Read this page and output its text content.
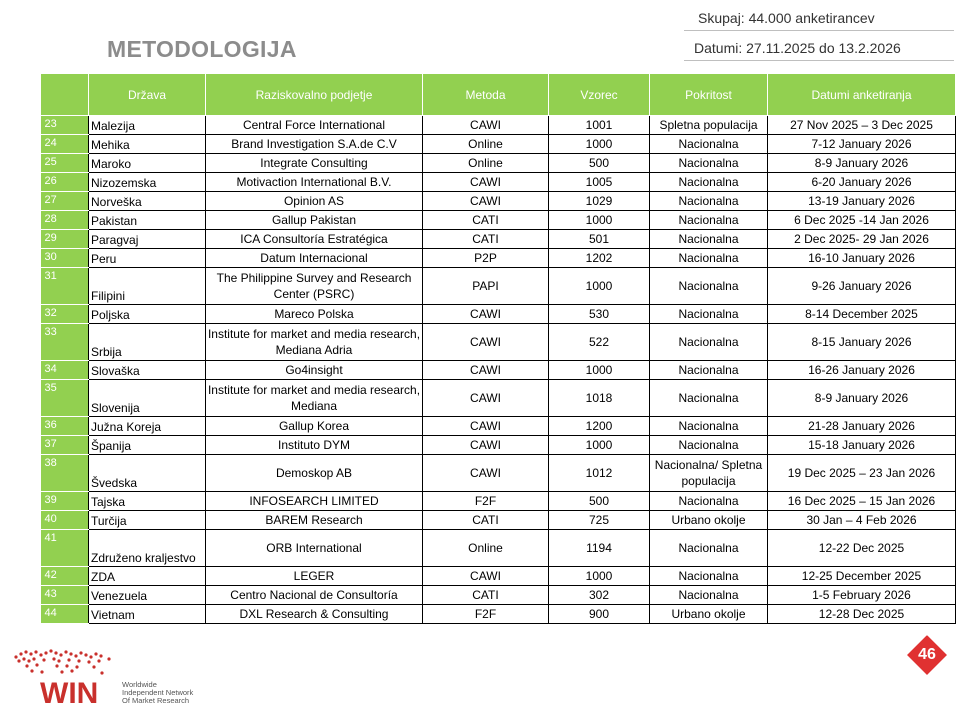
METODOLOGIJA
Skupaj: 44.000 anketirancev
Datumi: 27.11.2025 do 13.2.2026
	Država	Raziskovalno podjetje	Metoda	Vzorec	Pokritost	Datumi anketiranja
23	Malezija	Central Force International	CAWI	1001	Spletna populacija	27 Nov 2025 – 3 Dec 2025
24	Mehika	Brand Investigation S.A.de C.V	Online	1000	Nacionalna	7-12 January 2026
25	Maroko	Integrate Consulting	Online	500	Nacionalna	8-9 January 2026
26	Nizozemska	Motivaction International B.V.	CAWI	1005	Nacionalna	6-20 January 2026
27	Norveška	Opinion AS	CAWI	1029	Nacionalna	13-19 January 2026
28	Pakistan	Gallup Pakistan	CATI	1000	Nacionalna	6 Dec 2025 -14 Jan 2026
29	Paragvaj	ICA Consultoría Estratégica	CATI	501	Nacionalna	2 Dec 2025- 29 Jan 2026
30	Peru	Datum Internacional	P2P	1202	Nacionalna	16-10 January 2026
31	Filipini	The Philippine Survey and Research Center (PSRC)	PAPI	1000	Nacionalna	9-26 January 2026
32	Poljska	Mareco Polska	CAWI	530	Nacionalna	8-14 December 2025
33	Srbija	Institute for market and media research, Mediana Adria	CAWI	522	Nacionalna	8-15 January 2026
34	Slovaška	Go4insight	CAWI	1000	Nacionalna	16-26 January 2026
35	Slovenija	Institute for market and media research, Mediana	CAWI	1018	Nacionalna	8-9 January 2026
36	Južna Koreja	Gallup Korea	CAWI	1200	Nacionalna	21-28 January 2026
37	Španija	Instituto DYM	CAWI	1000	Nacionalna	15-18 January 2026
38	Švedska	Demoskop AB	CAWI	1012	Nacionalna/ Spletna populacija	19 Dec 2025 – 23 Jan 2026
39	Tajska	INFOSEARCH LIMITED	F2F	500	Nacionalna	16 Dec 2025 – 15 Jan 2026
40	Turčija	BAREM Research	CATI	725	Urbano okolje	30 Jan – 4 Feb 2026
41	Združeno kraljestvo	ORB International	Online	1194	Nacionalna	12-22 Dec 2025
42	ZDA	LEGER	CAWI	1000	Nacionalna	12-25 December 2025
43	Venezuela	Centro Nacional de Consultoría	CATI	302	Nacionalna	1-5 February 2026
44	Vietnam	DXL Research & Consulting	F2F	900	Urbano okolje	12-28 Dec 2025
WIN	Worldwide
Independent Network
Of Market Research
46
